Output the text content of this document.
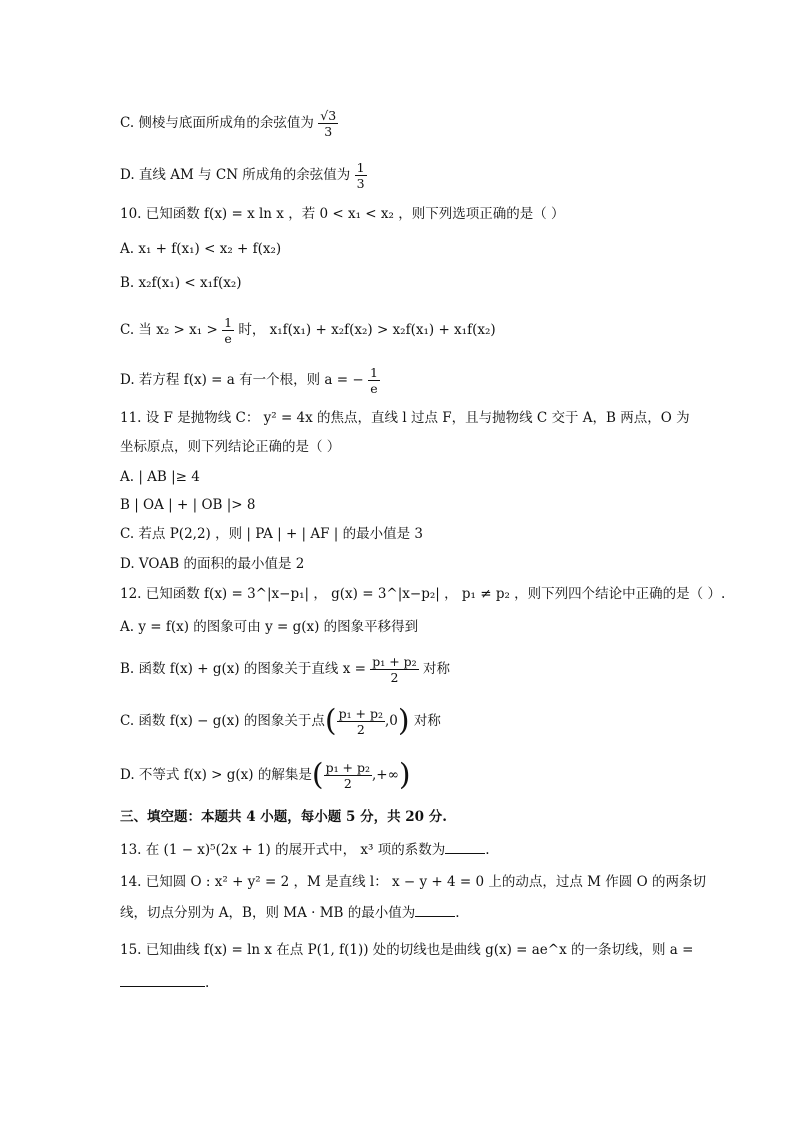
C. 侧棱与底面所成角的余弦值为 $\frac{√3}{3}$
D. 直线 AM 与 CN 所成角的余弦值为 $\frac{1}{3}$
10. 已知函数 f(x) = x ln x ，若 0 < x₁ < x₂ ，则下列选项正确的是（ ）
A. x₁ + f(x₁) < x₂ + f(x₂)
B. x₂f(x₁) < x₁f(x₂)
C. 当 $x_2 > x_1 > \frac{1}{e}$ 时， x₁f(x₁) + x₂f(x₂) > x₂f(x₁) + x₁f(x₂)
D. 若方程 f(x) = a 有一个根，则 a = − $\frac{1}{e}$
11. 设 F 是抛物线 C： y² = 4x 的焦点，直线 l 过点 F，且与抛物线 C 交于 A，B 两点，O 为
坐标原点，则下列结论正确的是（ ）
A. | AB |≥ 4
B | OA | + | OB |> 8
C. 若点 P(2,2) ，则 | PA | + | AF | 的最小值是 3
D. VOAB 的面积的最小值是 2
12. 已知函数 f(x) = 3^|x−p₁| ， g(x) = 3^|x−p₂| ， p₁ ≠ p₂ ，则下列四个结论中正确的是（ ）.
A. y = f(x) 的图象可由 y = g(x) 的图象平移得到
B. 函数 f(x) + g(x) 的图象关于直线 $x = \frac{\text{p₁ + p₂}}{2}$ 对称
C. 函数 f(x) − g(x) 的图象关于点( $\frac{\text{p₁ + p₂}}{2} ,0$) 对称
D. 不等式 f(x) > g(x) 的解集是( $\frac{\text{p₁ + p₂}}{2}$ ,+∞)
三、填空题：本题共 4 小题，每小题 5 分，共 20 分.
13. 在 (1 − x)⁵(2x + 1) 的展开式中， x³ 项的系数为	.
14. 已知圆 O : x² + y² = 2 ，M 是直线 l： x − y + 4 = 0 上的动点，过点 M 作圆 O 的两条切
线，切点分别为 A，B，则 MA · MB 的最小值为	.
15. 已知曲线 f(x) = ln x 在点 P(1, f(1)) 处的切线也是曲线 g(x) = ae^x 的一条切线，则 a =
.
